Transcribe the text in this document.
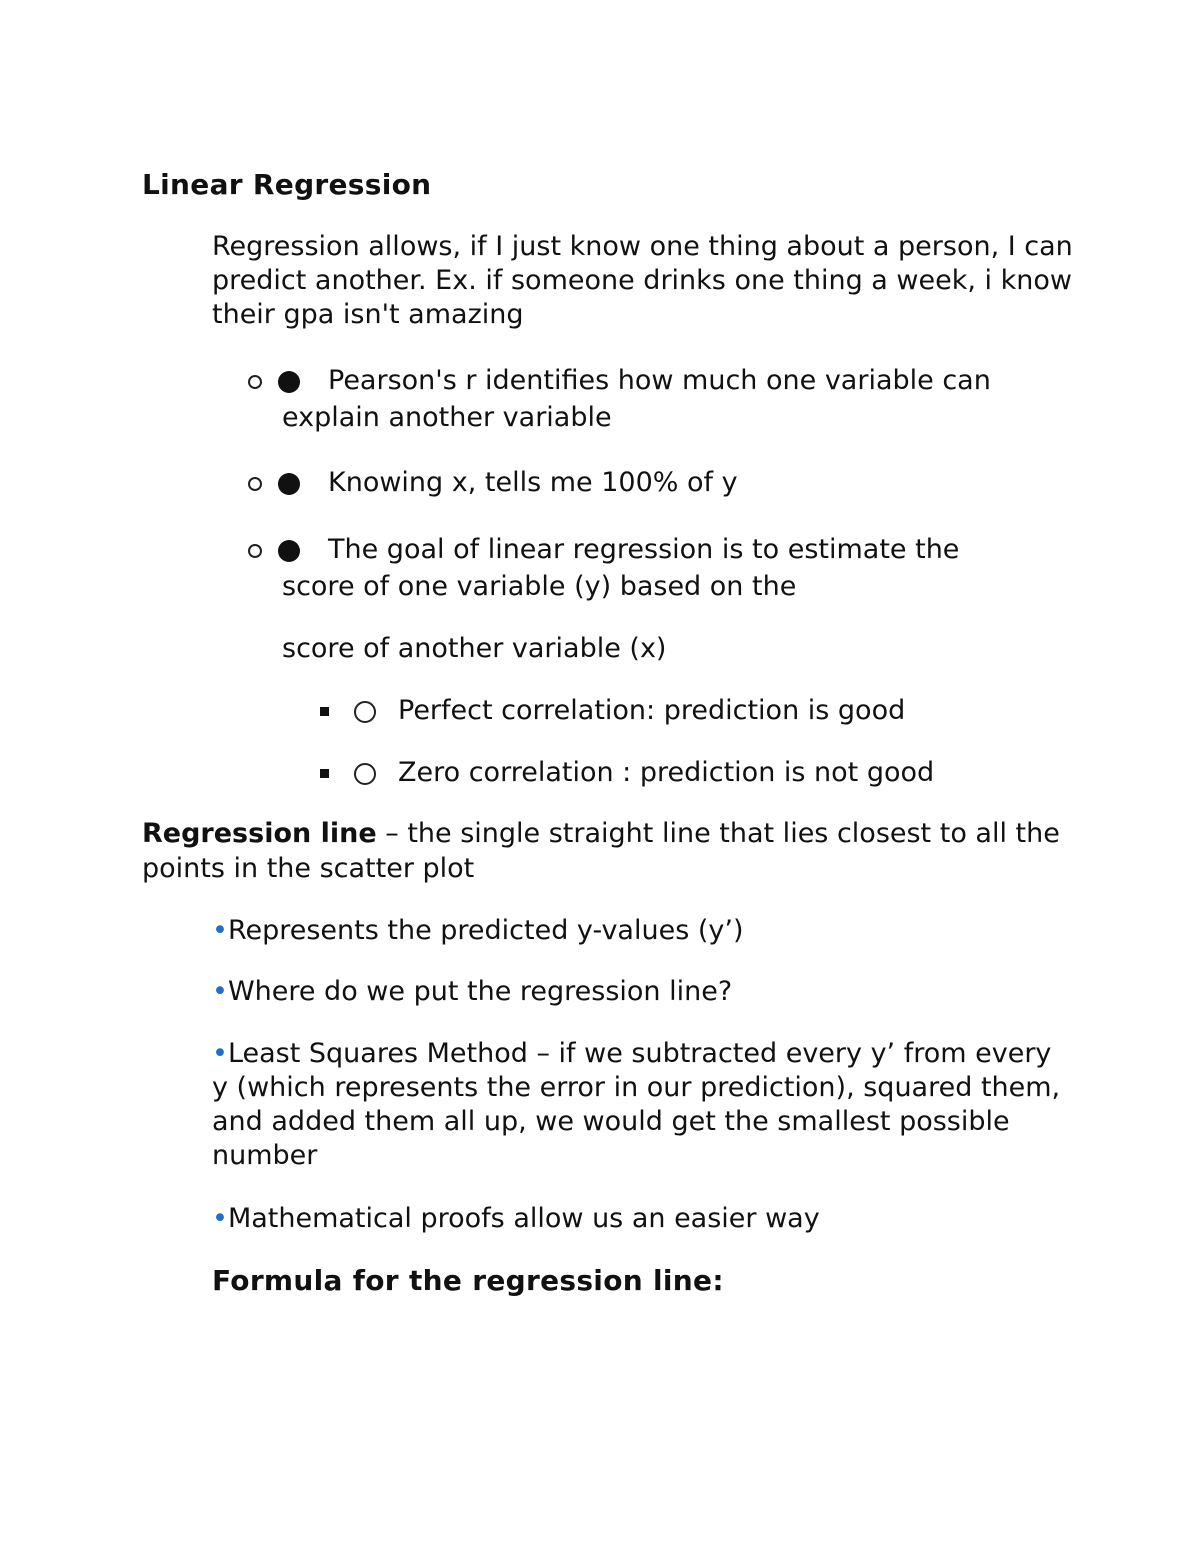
Linear Regression
Regression allows, if I just know one thing about a person, I can predict another. Ex. if someone drinks one thing a week, i know their gpa isn't amazing
Pearson's r identifies how much one variable can
explain another variable
Knowing x, tells me 100% of y
The goal of linear regression is to estimate the
score of one variable (y) based on the
score of another variable (x)
Perfect correlation: prediction is good
Zero correlation : prediction is not good
Regression line – the single straight line that lies closest to all the points in the scatter plot
•Represents the predicted y-values (y’)
•Where do we put the regression line?
•Least Squares Method – if we subtracted every y’ from every y (which represents the error in our prediction), squared them, and added them all up, we would get the smallest possible number
•Mathematical proofs allow us an easier way
Formula for the regression line:
